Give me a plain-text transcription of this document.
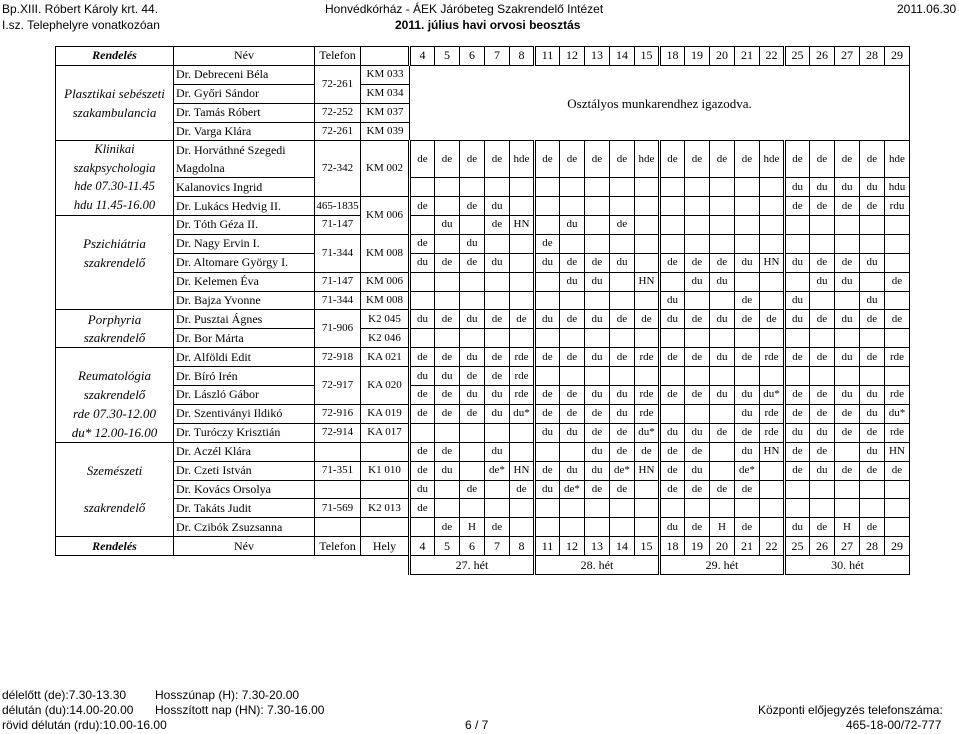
Bp.XIII. Róbert Károly krt. 44.
I.sz. Telephelyre vonatkozóan
Honvédkórház - ÁEK Járóbeteg Szakrendelő Intézet
2011. július havi orvosi beosztás
2011.06.30
Rendelés	Név	Telefon		4	5	6	7	8	11	12	13	14	15	18	19	20	21	22	25	26	27	28	29
	Dr. Debreceni Béla	72-261	KM 033	Osztályos munkarendhez igazodva.																			
Plasztikai sebészeti	Dr. Győri Sándor		KM 034																				
szakambulancia	Dr. Tamás Róbert	72-252	KM 037																				
	Dr. Varga Klára	72-261	KM 039																				
Klinikai	Dr. Horváthné Szegedi	72-342	KM 002	de	de	de	de	hde	de	de	de	de	hde	de	de	de	de	hde	de	de	de	de	hde
szakpsychologia	Magdolna																						
hde 07.30-11.45	Kalanovics Ingrid																		du	du	du	du	hdu
hdu 11.45-16.00	Dr. Lukács Hedvig II.	465-1835	KM 006	de		de	du												de	de	de	de	rdu
	Dr. Tóth Géza II.	71-147			du		de	HN		du		de											
Pszichiátria	Dr. Nagy Ervin I.	71-344	KM 008	de		du			de														
szakrendelő	Dr. Altomare György I.			du	de	de	du		du	de	de	du		de	de	de	du	HN	du	de	de	du	
	Dr. Kelemen Éva	71-147	KM 006							du	du		HN		du	du				du	du		de
	Dr. Bajza Yvonne	71-344	KM 008											du			de		du			du	
Porphyria	Dr. Pusztai Ágnes	71-906	K2 045	du	de	du	de	de	du	de	du	de	de	du	de	du	de	de	du	de	du	de	de
szakrendelő	Dr. Bor Márta		K2 046																				
	Dr. Alföldi Edit	72-918	KA 021	de	de	du	de	rde	de	de	du	de	rde	de	de	du	de	rde	de	de	du	de	rde
Reumatológia	Dr. Bíró Irén	72-917	KA 020	du	du	de	de	rde															
szakrendelő	Dr. László Gábor			de	de	du	du	rde	de	de	du	du	rde	de	de	du	du	du*	de	de	du	du	rde
rde 07.30-12.00	Dr. Szentiványi Ildikó	72-916	KA 019	de	de	de	du	du*	de	de	de	du	rde				du	rde	de	de	de	du	du*
du* 12.00-16.00	Dr. Turóczy Krisztián	72-914	KA 017						du	du	de	de	du*	du	du	de	de	rde	du	du	de	de	rde
	Dr. Aczél Klára			de	de		du				du	de	de	de	de		du	HN	de	de		du	HN
Szemészeti	Dr. Czeti István	71-351	K1 010	de	du		de*	HN	de	du	du	de*	HN	de	du		de*		de	du	de	de	de
	Dr. Kovács Orsolya			du		de		de	du	de*	de	de		de	de	de	de						
szakrendelő	Dr. Takáts Judit	71-569	K2 013	de																			
	Dr. Czibók Zsuzsanna				de	H	de							du	de	H	de		du	de	H	de	
Rendelés	Név	Telefon	Hely	4	5	6	7	8	11	12	13	14	15	18	19	20	21	22	25	26	27	28	29
				27. hét					28. hét					29. hét					30. hét				
délelőtt (de):7.30-13.30 Hosszúnap (H): 7.30-20.00
délután (du):14.00-20.00 Hosszított nap (HN): 7.30-16.00
rövid délután (rdu):10.00-16.00	6 / 7
Központi előjegyzés telefonszáma:
465-18-00/72-777
